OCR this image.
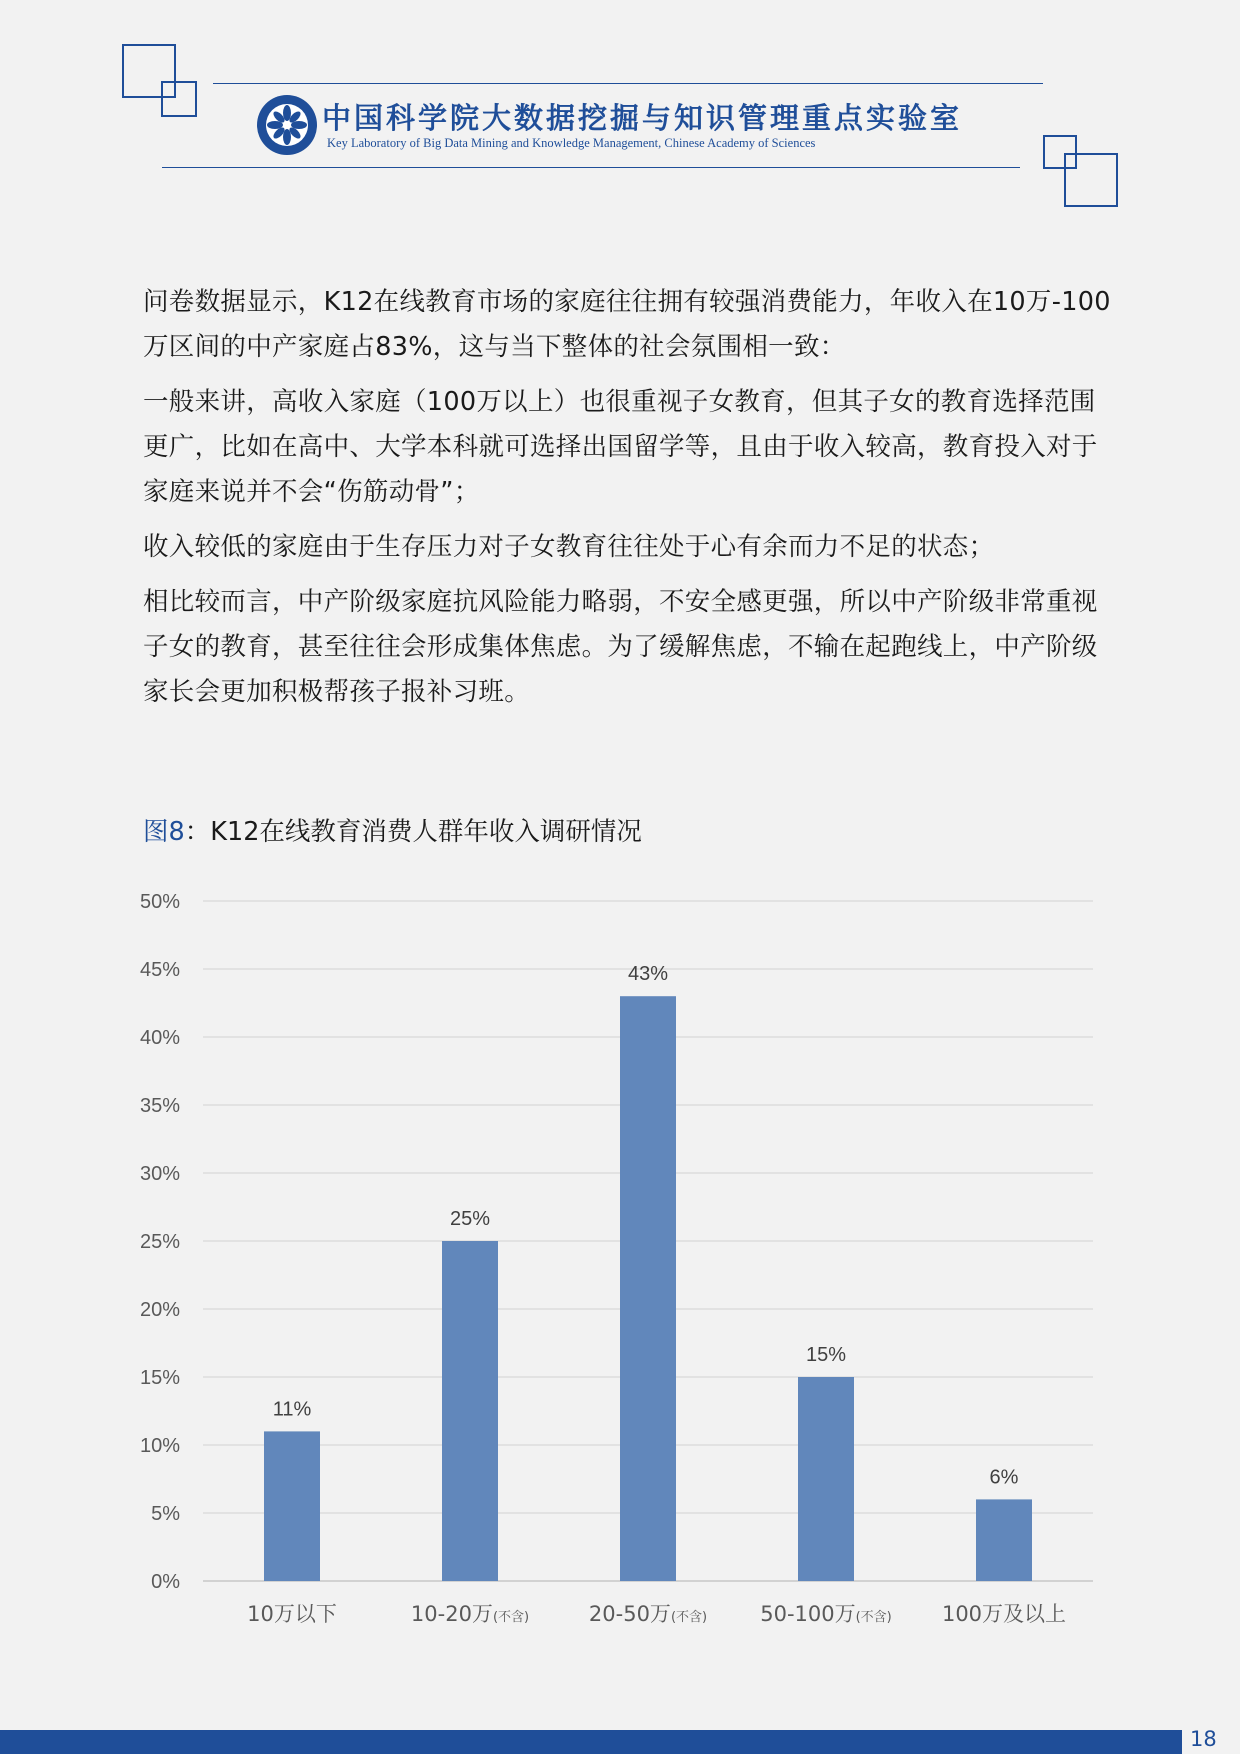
中国科学院大数据挖掘与知识管理重点实验室
Key Laboratory of Big Data Mining and Knowledge Management, Chinese Academy of Sciences

问卷数据显示，K12在线教育市场的家庭往往拥有较强消费能力，年收入在10万-100万区间的中产家庭占83%，这与当下整体的社会氛围相一致：

一般来讲，高收入家庭（100万以上）也很重视子女教育，但其子女的教育选择范围更广，比如在高中、大学本科就可选择出国留学等，且由于收入较高，教育投入对于家庭来说并不会“伤筋动骨”；

收入较低的家庭由于生存压力对子女教育往往处于心有余而力不足的状态；

相比较而言，中产阶级家庭抗风险能力略弱，不安全感更强，所以中产阶级非常重视子女的教育，甚至往往会形成集体焦虑。为了缓解焦虑，不输在起跑线上，中产阶级家长会更加积极帮孩子报补习班。

图8：K12在线教育消费人群年收入调研情况
0%
5%
10%
15%
20%
25%
30%
35%
40%
45%
50%
11%
10万以下
25%
10-20万(不含)
43%
20-50万(不含)
15%
50-100万(不含)
6%
100万及以上
18
